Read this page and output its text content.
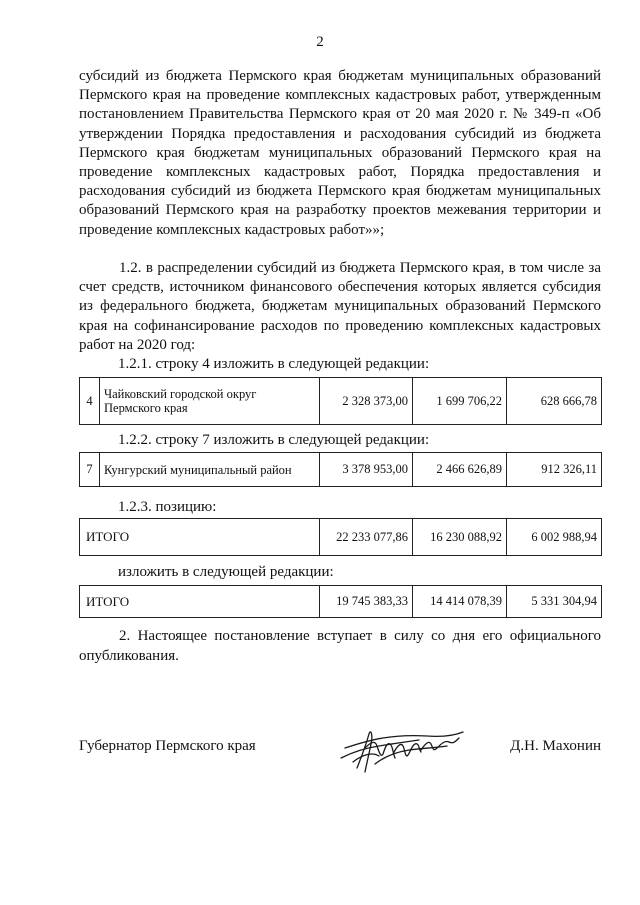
2
субсидий из бюджета Пермского края бюджетам муниципальных образований Пермского края на проведение комплексных кадастровых работ, утвержденным постановлением Правительства Пермского края от 20 мая 2020 г. № 349-п «Об утверждении Порядка предоставления и расходования субсидий из бюджета Пермского края бюджетам муниципальных образований Пермского края на проведение комплексных кадастровых работ, Порядка предоставления и расходования субсидий из бюджета Пермского края бюджетам муниципальных образований Пермского края на разработку проектов межевания территории и проведение комплексных кадастровых работ»»;
1.2. в распределении субсидий из бюджета Пермского края, в том числе за счет средств, источником финансового обеспечения которых является субсидия из федерального бюджета, бюджетам муниципальных образований Пермского края на софинансирование расходов по проведению комплексных кадастровых работ на 2020 год:
1.2.1. строку 4 изложить в следующей редакции:
4	Чайковский городской округ Пермского края	2 328 373,00	1 699 706,22	628 666,78
1.2.2. строку 7 изложить в следующей редакции:
7	Кунгурский муниципальный район	3 378 953,00	2 466 626,89	912 326,11
1.2.3. позицию:
ИТОГО	22 233 077,86	16 230 088,92	6 002 988,94
изложить в следующей редакции:
ИТОГО	19 745 383,33	14 414 078,39	5 331 304,94
2. Настоящее постановление вступает в силу со дня его официального опубликования.
Губернатор Пермского края	Д.Н. Махонин
